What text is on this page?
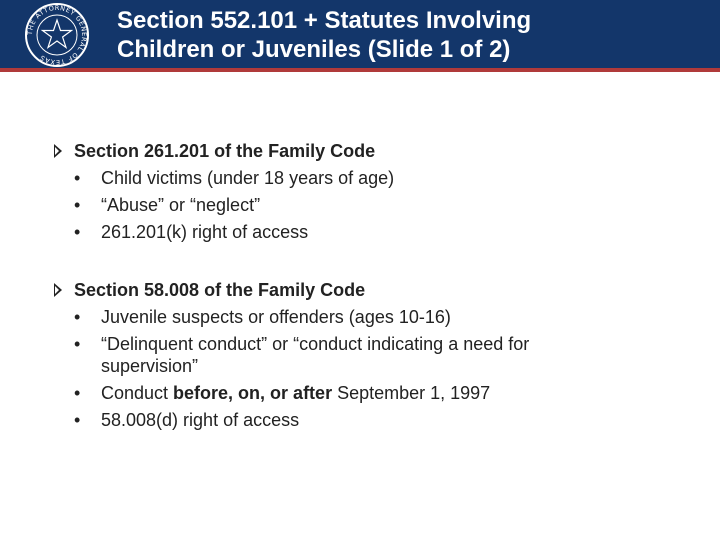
THE ATTORNEY GENERAL OF TEXAS
Section 552.101 + Statutes Involving
Children or Juveniles (Slide 1 of 2)
Section 261.201 of the Family Code
• Child victims (under 18 years of age)
• “Abuse” or “neglect”
• 261.201(k) right of access
Section 58.008 of the Family Code
• Juvenile suspects or offenders (ages 10-16)
• “Delinquent conduct” or “conduct indicating a need for supervision”
• Conduct before, on, or after September 1, 1997
• 58.008(d) right of access
